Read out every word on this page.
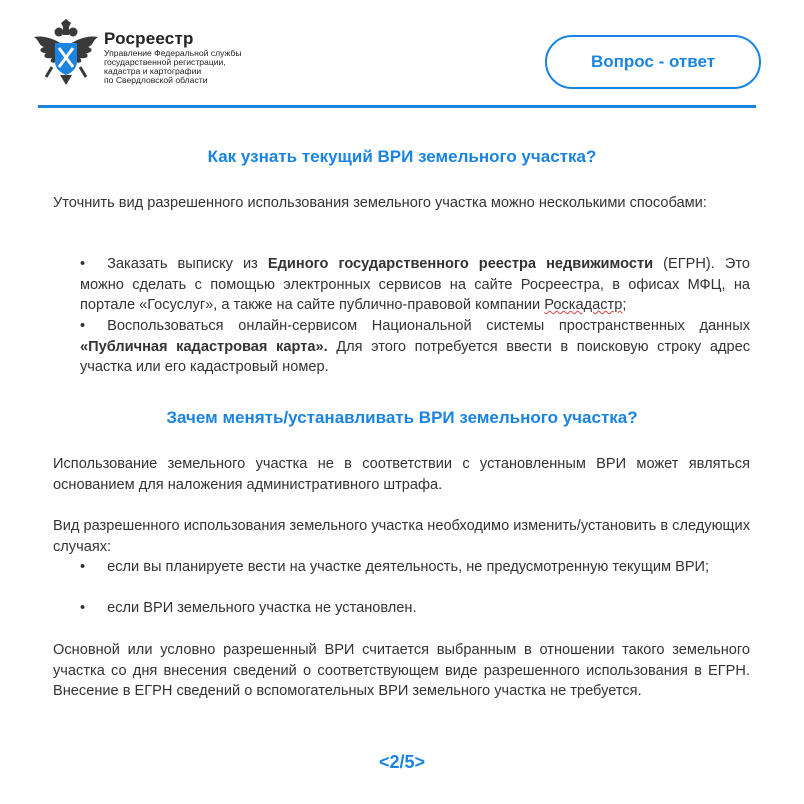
Росреестр
Управление Федеральной службы
государственной регистрации,
кадастра и картографии
по Свердловской области
Вопрос - ответ
Как узнать текущий ВРИ земельного участка?
Уточнить вид разрешенного использования земельного участка можно несколькими способами:
• Заказать выписку из Единого государственного реестра недвижимости (ЕГРН). Это можно сделать с помощью электронных сервисов на сайте Росреестра, в офисах МФЦ, на портале «Госуслуг», а также на сайте публично-правовой компании Роскадастр;
• Воспользоваться онлайн-сервисом Национальной системы пространственных данных «Публичная кадастровая карта». Для этого потребуется ввести в поисковую строку адрес участка или его кадастровый номер.
Зачем менять/устанавливать ВРИ земельного участка?
Использование земельного участка не в соответствии с установленным ВРИ может являться основанием для наложения административного штрафа.
Вид разрешенного использования земельного участка необходимо изменить/установить в следующих случаях:
• если вы планируете вести на участке деятельность, не предусмотренную текущим ВРИ;
• если ВРИ земельного участка не установлен.
Основной или условно разрешенный ВРИ считается выбранным в отношении такого земельного участка со дня внесения сведений о соответствующем виде разрешенного использования в ЕГРН. Внесение в ЕГРН сведений о вспомогательных ВРИ земельного участка не требуется.
<2/5>
